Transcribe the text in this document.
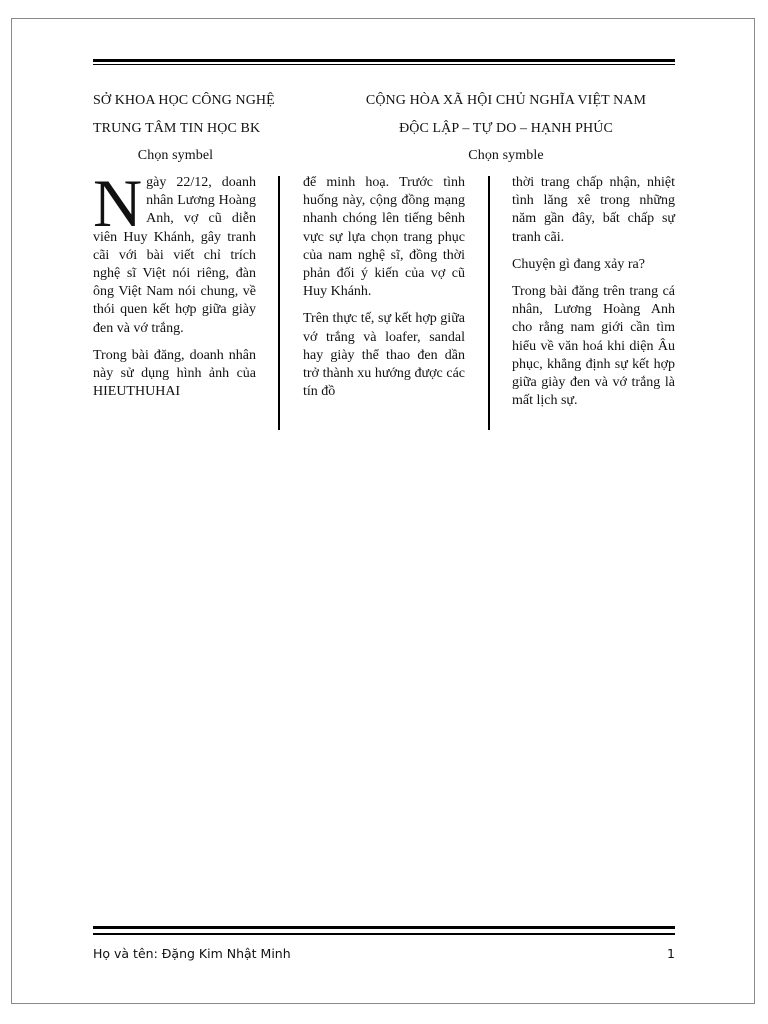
SỞ KHOA HỌC CÔNG NGHỆ	CỘNG HÒA XÃ HỘI CHỦ NGHĨA VIỆT NAM
TRUNG TÂM TIN HỌC BK	ĐỘC LẬP – TỰ DO – HẠNH PHÚC
Chọn symbel	Chọn symble

Ngày 22/12, doanh nhân Lương Hoàng Anh, vợ cũ diễn viên Huy Khánh, gây tranh cãi với bài viết chỉ trích nghệ sĩ Việt nói riêng, đàn ông Việt Nam nói chung, về thói quen kết hợp giữa giày đen và vớ trắng.

Trong bài đăng, doanh nhân này sử dụng hình ảnh của HIEUTHUHAI

để minh hoạ. Trước tình huống này, cộng đồng mạng nhanh chóng lên tiếng bênh vực sự lựa chọn trang phục của nam nghệ sĩ, đồng thời phản đối ý kiến của vợ cũ Huy Khánh.

Trên thực tế, sự kết hợp giữa vớ trắng và loafer, sandal hay giày thể thao đen dần trở thành xu hướng được các tín đồ

thời trang chấp nhận, nhiệt tình lăng xê trong những năm gần đây, bất chấp sự tranh cãi.

Chuyện gì đang xảy ra?

Trong bài đăng trên trang cá nhân, Lương Hoàng Anh cho rằng nam giới cần tìm hiểu về văn hoá khi diện Âu phục, khẳng định sự kết hợp giữa giày đen và vớ trắng là mất lịch sự.

Họ và tên: Đặng Kim Nhật Minh	1
